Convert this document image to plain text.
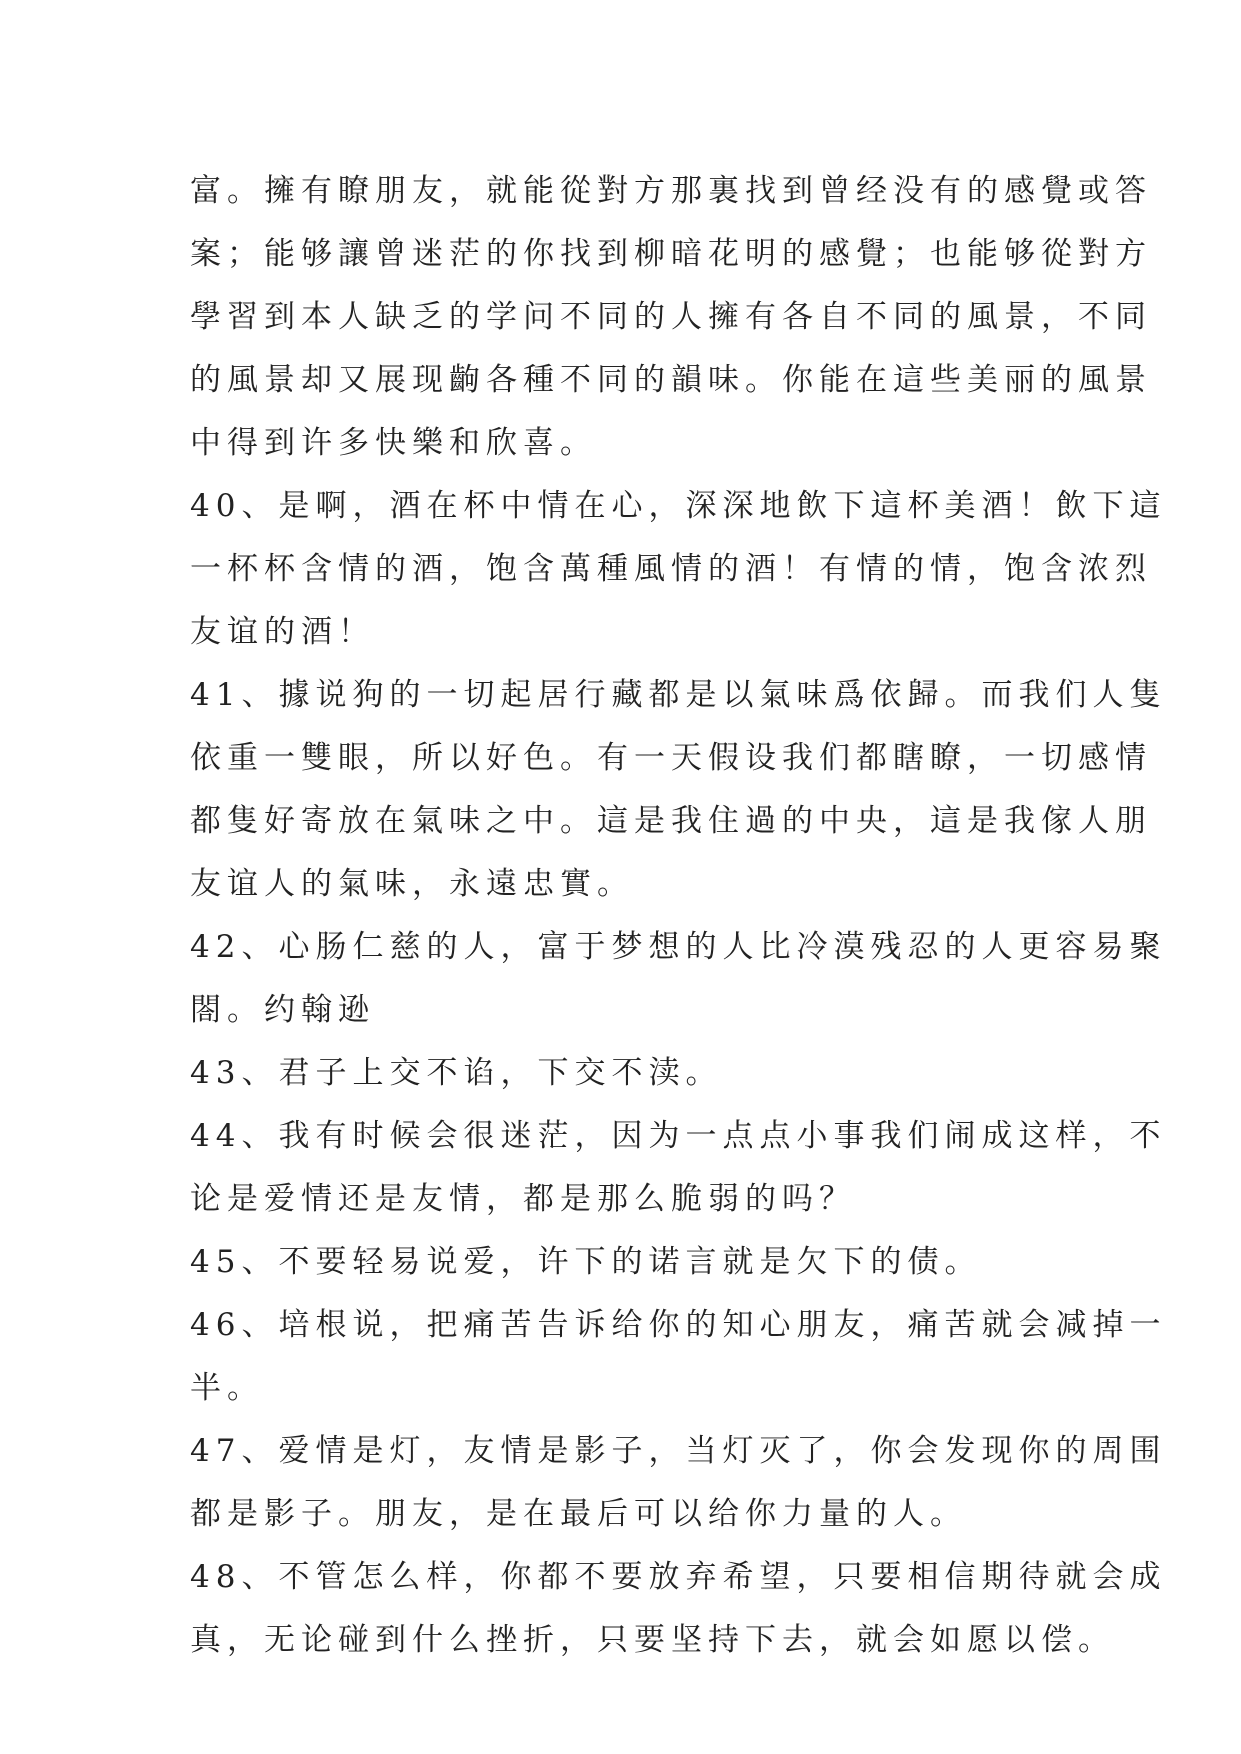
富。擁有瞭朋友，就能從對方那裏找到曾经没有的感覺或答
案；能够讓曾迷茫的你找到柳暗花明的感覺；也能够從對方
學習到本人缺乏的学问不同的人擁有各自不同的風景，不同
的風景却又展现齣各種不同的韻味。你能在這些美丽的風景
中得到许多快樂和欣喜。
40、是啊，酒在杯中情在心，深深地飲下這杯美酒！飲下這
一杯杯含情的酒，饱含萬種風情的酒！有情的情，饱含浓烈
友谊的酒！
41、據说狗的一切起居行藏都是以氣味爲依歸。而我们人隻
依重一雙眼，所以好色。有一天假设我们都瞎瞭，一切感情
都隻好寄放在氣味之中。這是我住過的中央，這是我傢人朋
友谊人的氣味，永遠忠實。
42、心肠仁慈的人，富于梦想的人比冷漠残忍的人更容易聚
閤。约翰逊
43、君子上交不谄，下交不渎。
44、我有时候会很迷茫，因为一点点小事我们闹成这样，不
论是爱情还是友情，都是那么脆弱的吗？
45、不要轻易说爱，许下的诺言就是欠下的债。
46、培根说，把痛苦告诉给你的知心朋友，痛苦就会减掉一
半。
47、爱情是灯，友情是影子，当灯灭了，你会发现你的周围
都是影子。朋友，是在最后可以给你力量的人。
48、不管怎么样，你都不要放弃希望，只要相信期待就会成
真，无论碰到什么挫折，只要坚持下去，就会如愿以偿。
